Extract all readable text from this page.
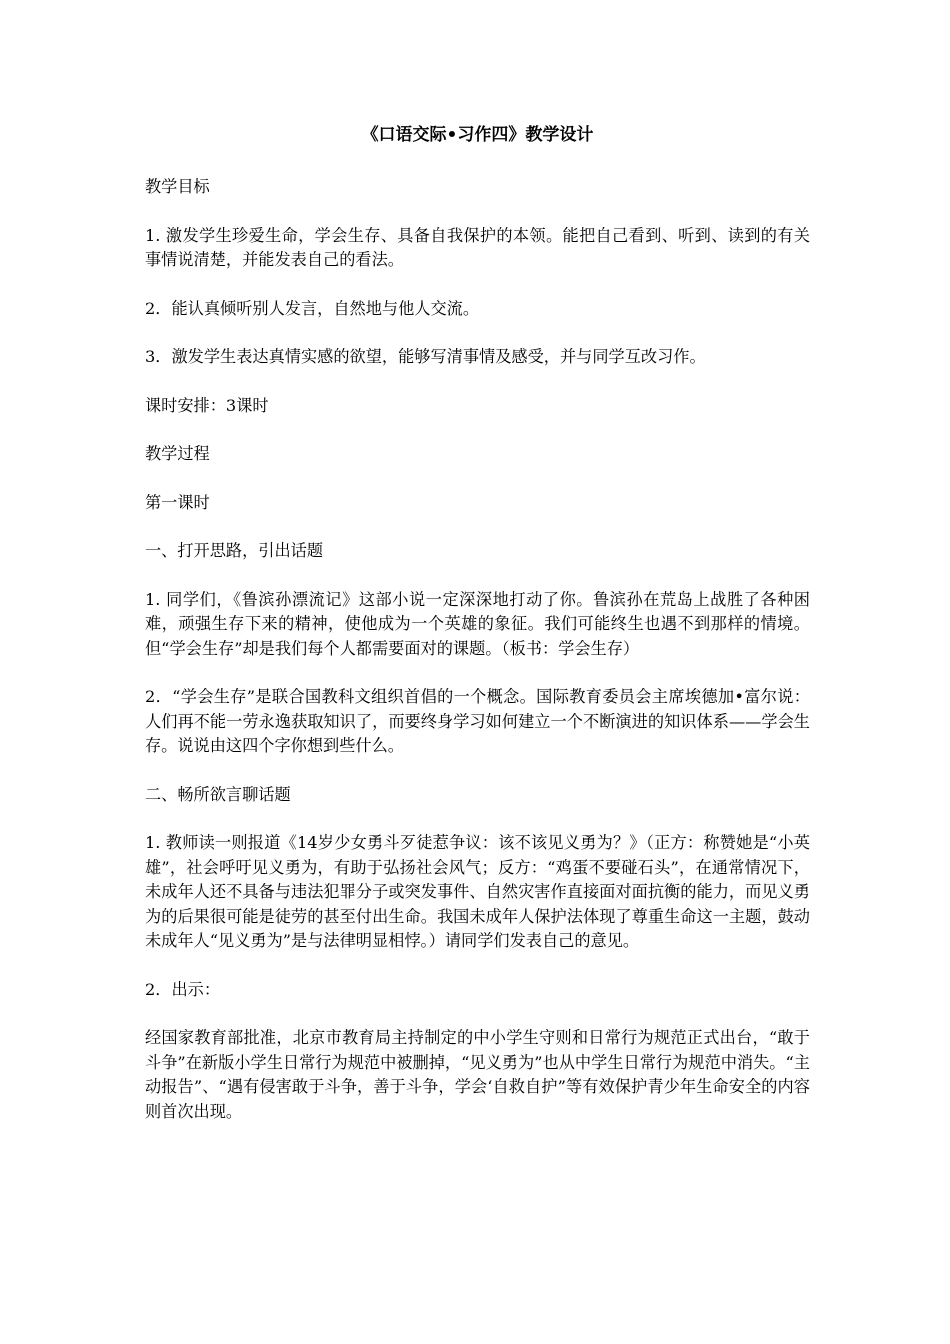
《口语交际•习作四》教学设计

教学目标

1. 激发学生珍爱生命，学会生存、具备自我保护的本领。能把自己看到、听到、读到的有关事情说清楚，并能发表自己的看法。

2．能认真倾听别人发言，自然地与他人交流。

3．激发学生表达真情实感的欲望，能够写清事情及感受，并与同学互改习作。

课时安排：3课时

教学过程

第一课时

一、打开思路，引出话题

1. 同学们，《鲁滨孙漂流记》这部小说一定深深地打动了你。鲁滨孙在荒岛上战胜了各种困难，顽强生存下来的精神，使他成为一个英雄的象征。我们可能终生也遇不到那样的情境。但“学会生存”却是我们每个人都需要面对的课题。（板书：学会生存）

2．“学会生存”是联合国教科文组织首倡的一个概念。国际教育委员会主席埃德加•富尔说：人们再不能一劳永逸获取知识了，而要终身学习如何建立一个不断演进的知识体系——学会生存。说说由这四个字你想到些什么。

二、畅所欲言聊话题

1. 教师读一则报道《14岁少女勇斗歹徒惹争议：该不该见义勇为？》（正方：称赞她是“小英雄”，社会呼吁见义勇为，有助于弘扬社会风气；反方：“鸡蛋不要碰石头”，在通常情况下，未成年人还不具备与违法犯罪分子或突发事件、自然灾害作直接面对面抗衡的能力，而见义勇为的后果很可能是徒劳的甚至付出生命。我国未成年人保护法体现了尊重生命这一主题，鼓动未成年人“见义勇为”是与法律明显相悖。）请同学们发表自己的意见。

2．出示：

经国家教育部批准，北京市教育局主持制定的中小学生守则和日常行为规范正式出台，“敢于斗争”在新版小学生日常行为规范中被删掉，“见义勇为”也从中学生日常行为规范中消失。“主动报告”、“遇有侵害敢于斗争，善于斗争，学会‘自救自护”等有效保护青少年生命安全的内容则首次出现。
